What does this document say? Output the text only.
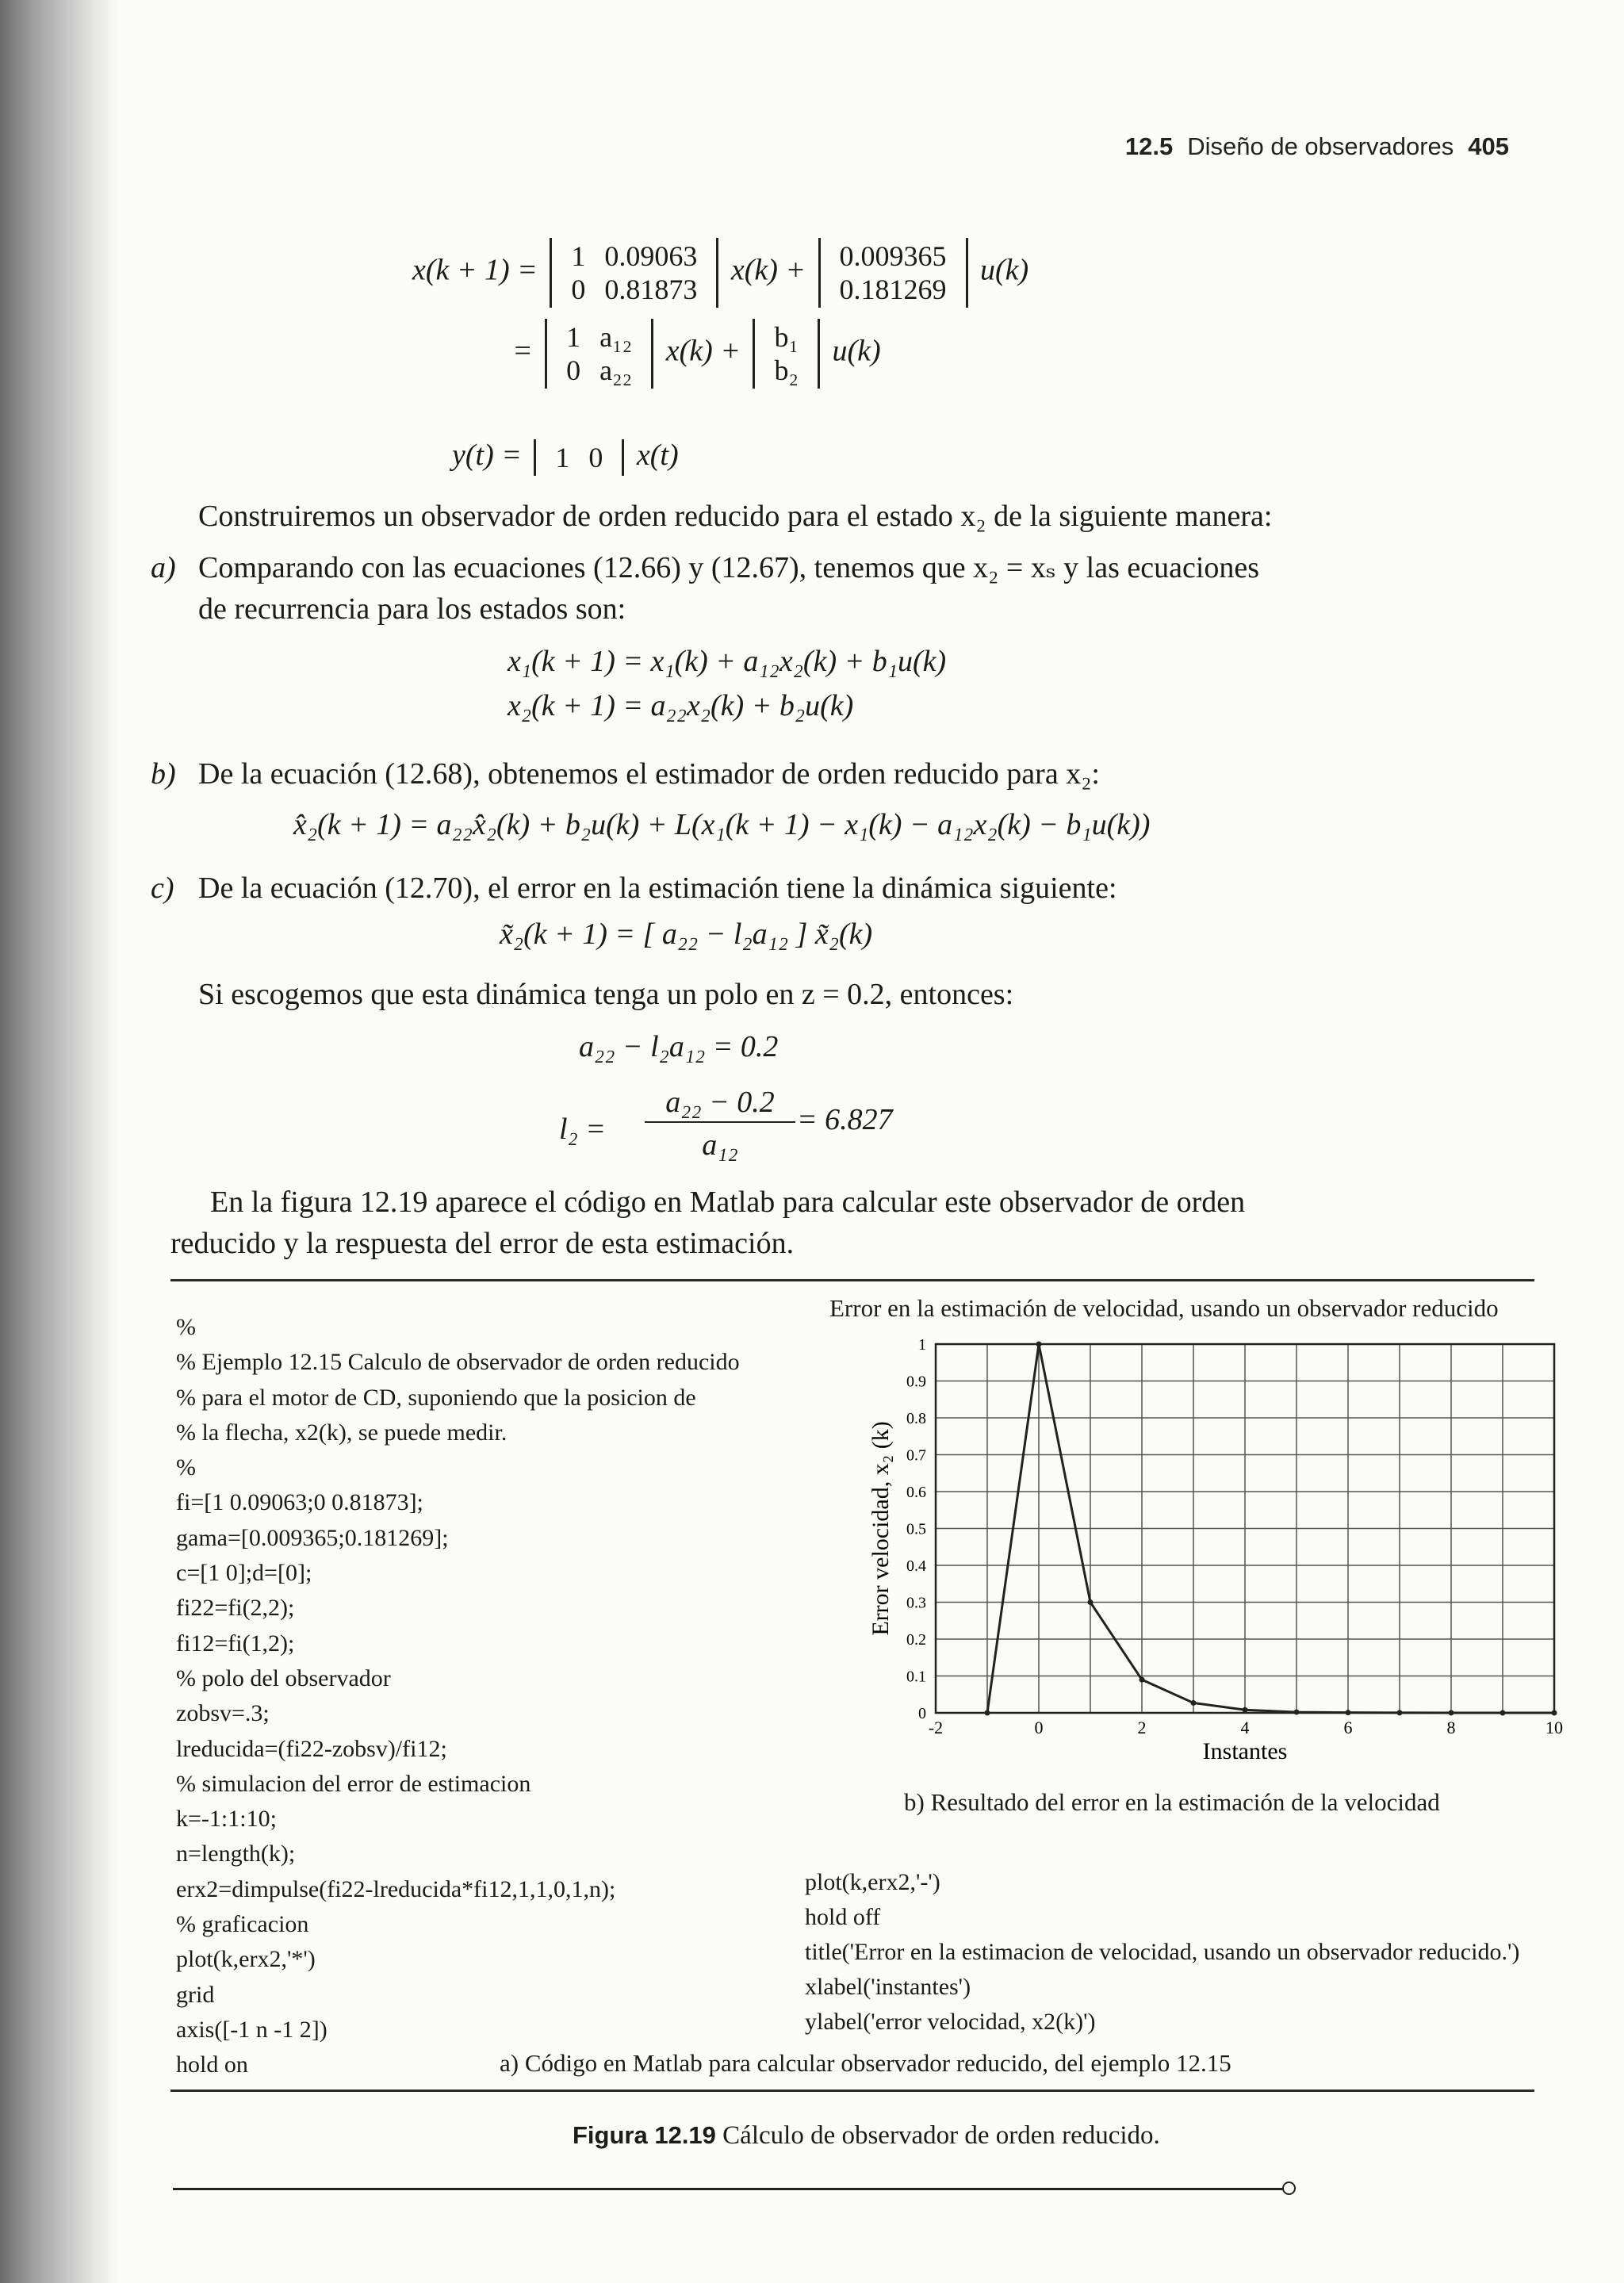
12.5 Diseño de observadores 405
x(k + 1) = 1	0.09063
0	0.81873
x(k) + 0.009365
0.181269
u(k)
= 1	a₁₂
0	a₂₂
x(k) + b₁
b₂
u(k)
y(t) = 1	0 x(t)
Construiremos un observador de orden reducido para el estado x₂ de la siguiente manera:
a) Comparando con las ecuaciones (12.66) y (12.67), tenemos que x₂ = xₛ y las ecuaciones de recurrencia para los estados son:
x₁(k + 1) = x₁(k) + a₁₂x₂(k) + b₁u(k)
x₂(k + 1) = a₂₂x₂(k) + b₂u(k)
b) De la ecuación (12.68), obtenemos el estimador de orden reducido para x₂:
x̂₂(k + 1) = a₂₂x̂₂(k) + b₂u(k) + L(x₁(k + 1) − x₁(k) − a₁₂x₂(k) − b₁u(k))
c) De la ecuación (12.70), el error en la estimación tiene la dinámica siguiente:
x̃₂(k + 1) = [ a₂₂ − l₂a₁₂ ] x̃₂(k)
Si escogemos que esta dinámica tenga un polo en z = 0.2, entonces:
a₂₂ − l₂a₁₂ = 0.2
l₂ =
a₂₂ − 0.2
a₁₂
= 6.827
En la figura 12.19 aparece el código en Matlab para calcular este observador de orden reducido y la respuesta del error de esta estimación.
%
% Ejemplo 12.15 Calculo de observador de orden reducido
% para el motor de CD, suponiendo que la posicion de
% la flecha, x2(k), se puede medir.
%
fi=[1 0.09063;0 0.81873];
gama=[0.009365;0.181269];
c=[1 0];d=[0];
fi22=fi(2,2);
fi12=fi(1,2);
% polo del observador
zobsv=.3;
lreducida=(fi22-zobsv)/fi12;
% simulacion del error de estimacion
k=-1:1:10;
n=length(k);
erx2=dimpulse(fi22-lreducida*fi12,1,1,0,1,n);
% graficacion
plot(k,erx2,'*')
grid
axis([-1 n -1 2])
hold on
Error en la estimación de velocidad, usando un observador reducido
0
0.1
0.2
0.3
0.4
0.5
0.6
0.7
0.8
0.9
1
-2	0	2	4	6	8	10
Instantes
Error velocidad, x₂ (k)
b) Resultado del error en la estimación de la velocidad
plot(k,erx2,'-')
hold off
title('Error en la estimacion de velocidad, usando un observador reducido.')
xlabel('instantes')
ylabel('error velocidad, x2(k)')
a) Código en Matlab para calcular observador reducido, del ejemplo 12.15
Figura 12.19 Cálculo de observador de orden reducido.
